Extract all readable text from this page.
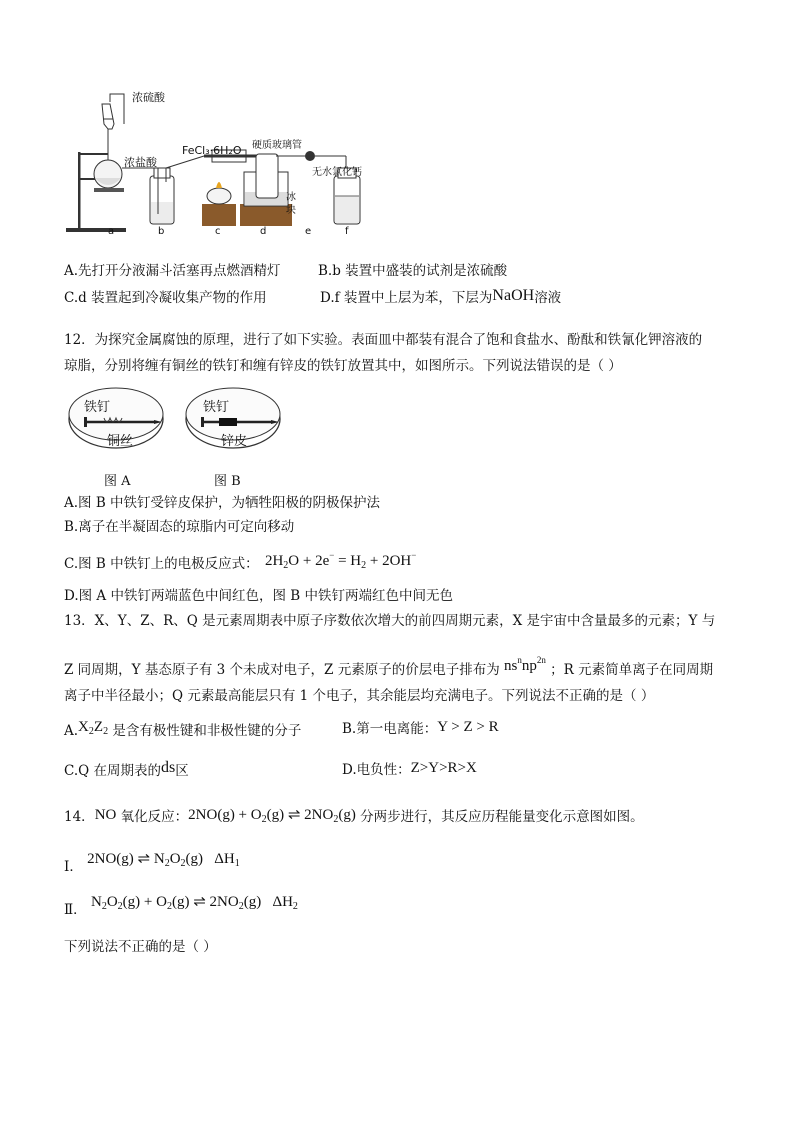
浓硫酸
浓盐酸
FeCl₃·6H₂O 硬质玻璃管
无水氯化钙
冰
块
a	b	c	d	e	f
A.先打开分液漏斗活塞再点燃酒精灯	B.b 装置中盛装的试剂是浓硫酸
C.d 装置起到冷凝收集产物的作用	D.f 装置中上层为苯，下层为NaOH溶液
12．为探究金属腐蚀的原理，进行了如下实验。表面皿中都装有混合了饱和食盐水、酚酞和铁氰化钾溶液的
琼脂，分别将缠有铜丝的铁钉和缠有锌皮的铁钉放置其中，如图所示。下列说法错误的是（ ）
铁钉
铜丝
图 A
铁钉
锌皮
图 B
A.图 B 中铁钉受锌皮保护，为牺牲阳极的阴极保护法
B.离子在半凝固态的琼脂内可定向移动
C.图 B 中铁钉上的电极反应式： $2H_2O + 2e^- = H_2 + 2OH^-$
D.图 A 中铁钉两端蓝色中间红色，图 B 中铁钉两端红色中间无色
13．X、Y、Z、R、Q 是元素周期表中原子序数依次增大的前四周期元素，X 是宇宙中含量最多的元素；Y 与
Z 同周期，Y 基态原子有 3 个未成对电子，Z 元素原子的价层电子排布为 $ns^nnp^{2n}$ ；R 元素简单离子在同周期
离子中半径最小；Q 元素最高能层只有 1 个电子，其余能层均充满电子。下列说法不正确的是（ ）
$A.X_2Z_2$ 是含有极性键和非极性键的分子	B.第一电离能：Y > Z > R
C.Q 在周期表的ds区	D.电负性：Z>Y>R>X
14．NO 氧化反应：$2NO(g) + O_2(g)$ ⇌ $2NO_2(g)$ 分两步进行，其反应历程能量变化示意图如图。
Ⅰ． 2NO(g) ⇌ $N_2O_2(g)$   $\Delta H_1$
Ⅱ． $N_2O_2(g) + O_2(g)$ ⇌ $2NO_2(g)$   $\Delta H_2$
下列说法不正确的是（ ）
